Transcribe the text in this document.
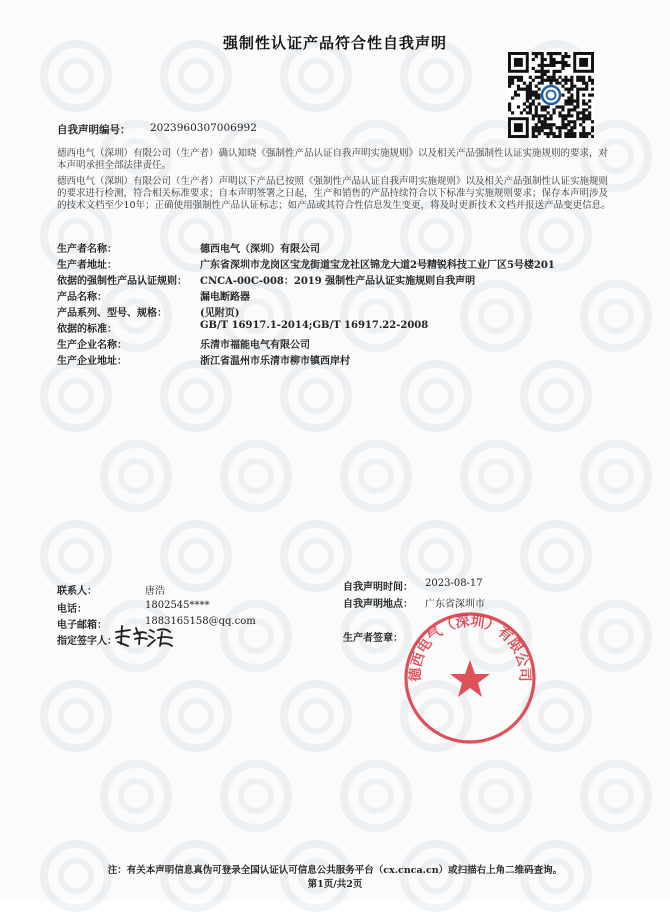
强制性认证产品符合性自我声明
自我声明编号： 2023960307006992
德西电气（深圳）有限公司（生产者）确认知晓《强制性产品认证自我声明实施规则》以及相关产品强制性认证实施规则的要求，对本声明承担全部法律责任。
德西电气（深圳）有限公司（生产者）声明以下产品已按照《强制性产品认证自我声明实施规则》以及相关产品强制性认证实施规则的要求进行检测，符合相关标准要求；自本声明签署之日起，生产和销售的产品持续符合以下标准与实施规则要求；保存本声明涉及的技术文档至少10年；正确使用强制性产品认证标志；如产品或其符合性信息发生变更，将及时更新技术文档并报送产品变更信息。
生产者名称：	德西电气（深圳）有限公司
生产者地址：	广东省深圳市龙岗区宝龙街道宝龙社区锦龙大道2号精锐科技工业厂区5号楼201
依据的强制性产品认证规则： CNCA-00C-008：2019 强制性产品认证实施规则自我声明
产品名称：	漏电断路器
产品系列、型号、规格：	(见附页)
依据的标准：	GB/T 16917.1-2014;GB/T 16917.22-2008
生产企业名称：	乐清市福能电气有限公司
生产企业地址：	浙江省温州市乐清市柳市镇西岸村
联系人：	唐浩
电话：	1802545****
电子邮箱：	1883165158@qq.com
指定签字人：
自我声明时间： 2023-08-17
自我声明地点： 广东省深圳市
生产者签章：
德西电气（深圳）有限公司
注：有关本声明信息真伪可登录全国认证认可信息公共服务平台（cx.cnca.cn）或扫描右上角二维码查询。
第1页/共2页
